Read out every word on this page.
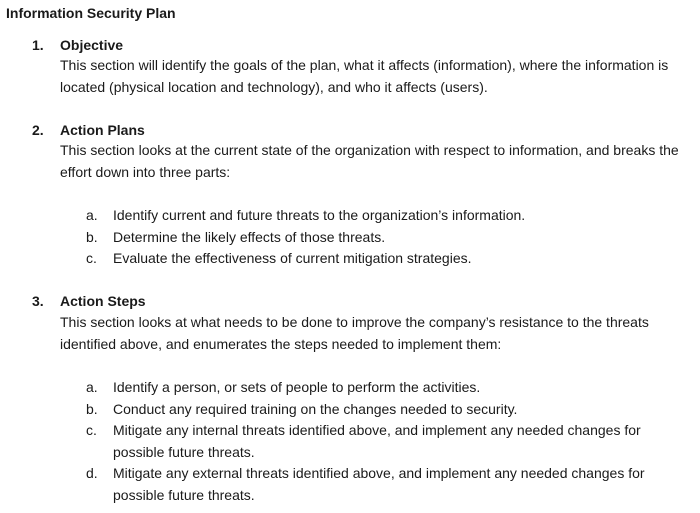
Information Security Plan
1. Objective

This section will identify the goals of the plan, what it affects (information), where the information is located (physical location and technology), and who it affects (users).

2. Action Plans

This section looks at the current state of the organization with respect to information, and breaks the effort down into three parts:

a. Identify current and future threats to the organization’s information.
b. Determine the likely effects of those threats.
c. Evaluate the effectiveness of current mitigation strategies.
3. Action Steps

This section looks at what needs to be done to improve the company’s resistance to the threats identified above, and enumerates the steps needed to implement them:

a. Identify a person, or sets of people to perform the activities.
b. Conduct any required training on the changes needed to security.
c. Mitigate any internal threats identified above, and implement any needed changes for possible future threats.
d. Mitigate any external threats identified above, and implement any needed changes for possible future threats.
